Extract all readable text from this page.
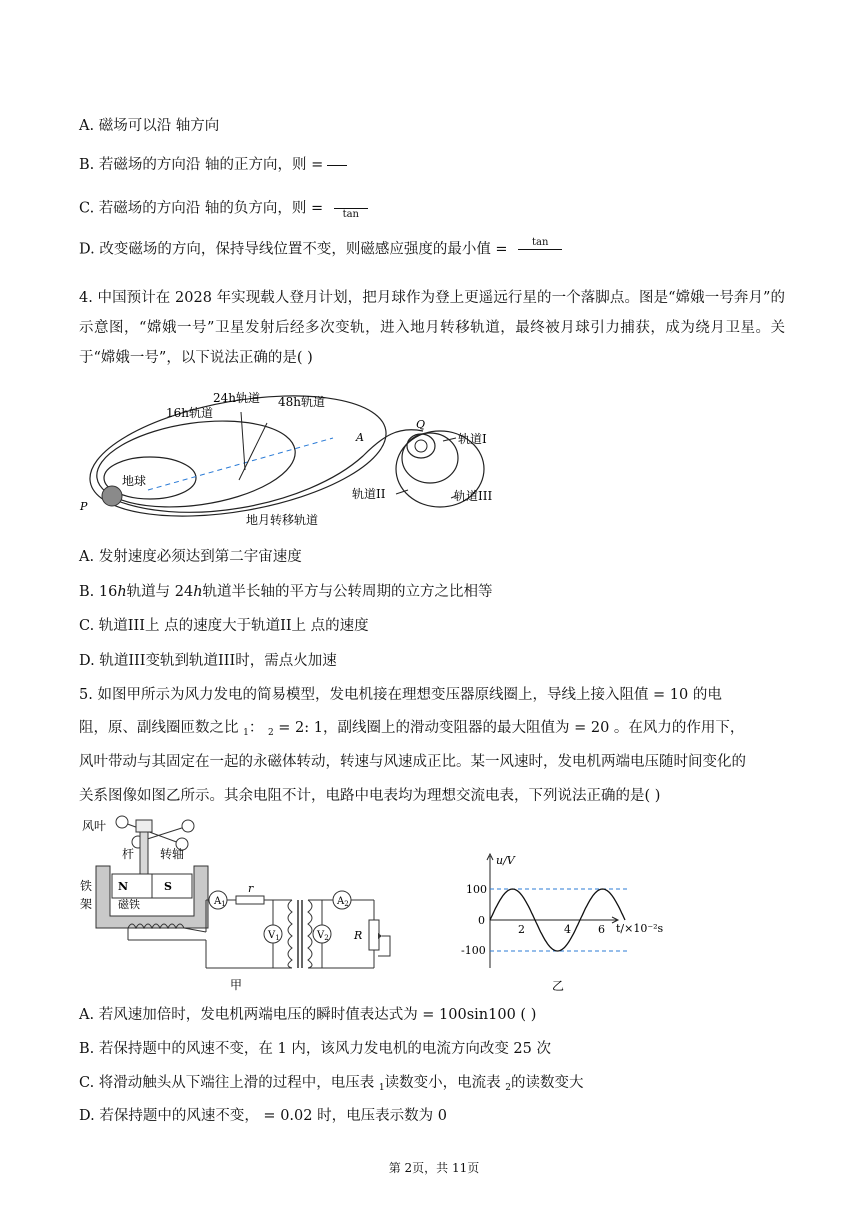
A. 磁场可以沿 轴方向
B. 若磁场的方向沿 轴的正方向，则 =
C. 若磁场的方向沿 轴的负方向，则 =	tan
D. 改变磁场的方向，保持导线位置不变，则磁感应强度的最小值 =	tan
4. 中国预计在 2028 年实现载人登月计划，把月球作为登上更遥远行星的一个落脚点。图是“嫦娥一号奔月”的示意图，“嫦娥一号”卫星发射后经多次变轨，进入地月转移轨道，最终被月球引力捕获，成为绕月卫星。关于“嫦娥一号”，以下说法正确的是( )
24h轨道 48h轨道
16h轨道
地球
P
A
Q
轨道I
轨道II	轨道III
地月转移轨道
A. 发射速度必须达到第二宇宙速度
B. 16ℎ轨道与 24ℎ轨道半长轴的平方与公转周期的立方之比相等
C. 轨道III上 点的速度大于轨道II上 点的速度
D. 轨道III变轨到轨道III时，需点火加速
5. 如图甲所示为风力发电的简易模型，发电机接在理想变压器原线圈上，导线上接入阻值 = 10 的电
阻，原、副线圈匝数之比 $_1$： $_2$ = 2: 1，副线圈上的滑动变阻器的最大阻值为 = 20 。在风力的作用下，
风叶带动与其固定在一起的永磁体转动，转速与风速成正比。某一风速时，发电机两端电压随时间变化的
关系图像如图乙所示。其余电阻不计，电路中电表均为理想交流电表，下列说法正确的是( )
风叶
杆 转轴
铁
架
N	S
磁铁	$A_1$
r
$V_1$	$V_2$
$A_2$
R
甲
u/V
t/×10⁻²s
100
-100
0
2	4 6
乙
A. 若风速加倍时，发电机两端电压的瞬时值表达式为 = 100sin100 ( )
B. 若保持题中的风速不变，在 1 内，该风力发电机的电流方向改变 25 次
C. 将滑动触头从下端往上滑的过程中，电压表 $_1$读数变小，电流表 $_2$的读数变大
D. 若保持题中的风速不变， = 0.02 时，电压表示数为 0
第 2页，共 11页
